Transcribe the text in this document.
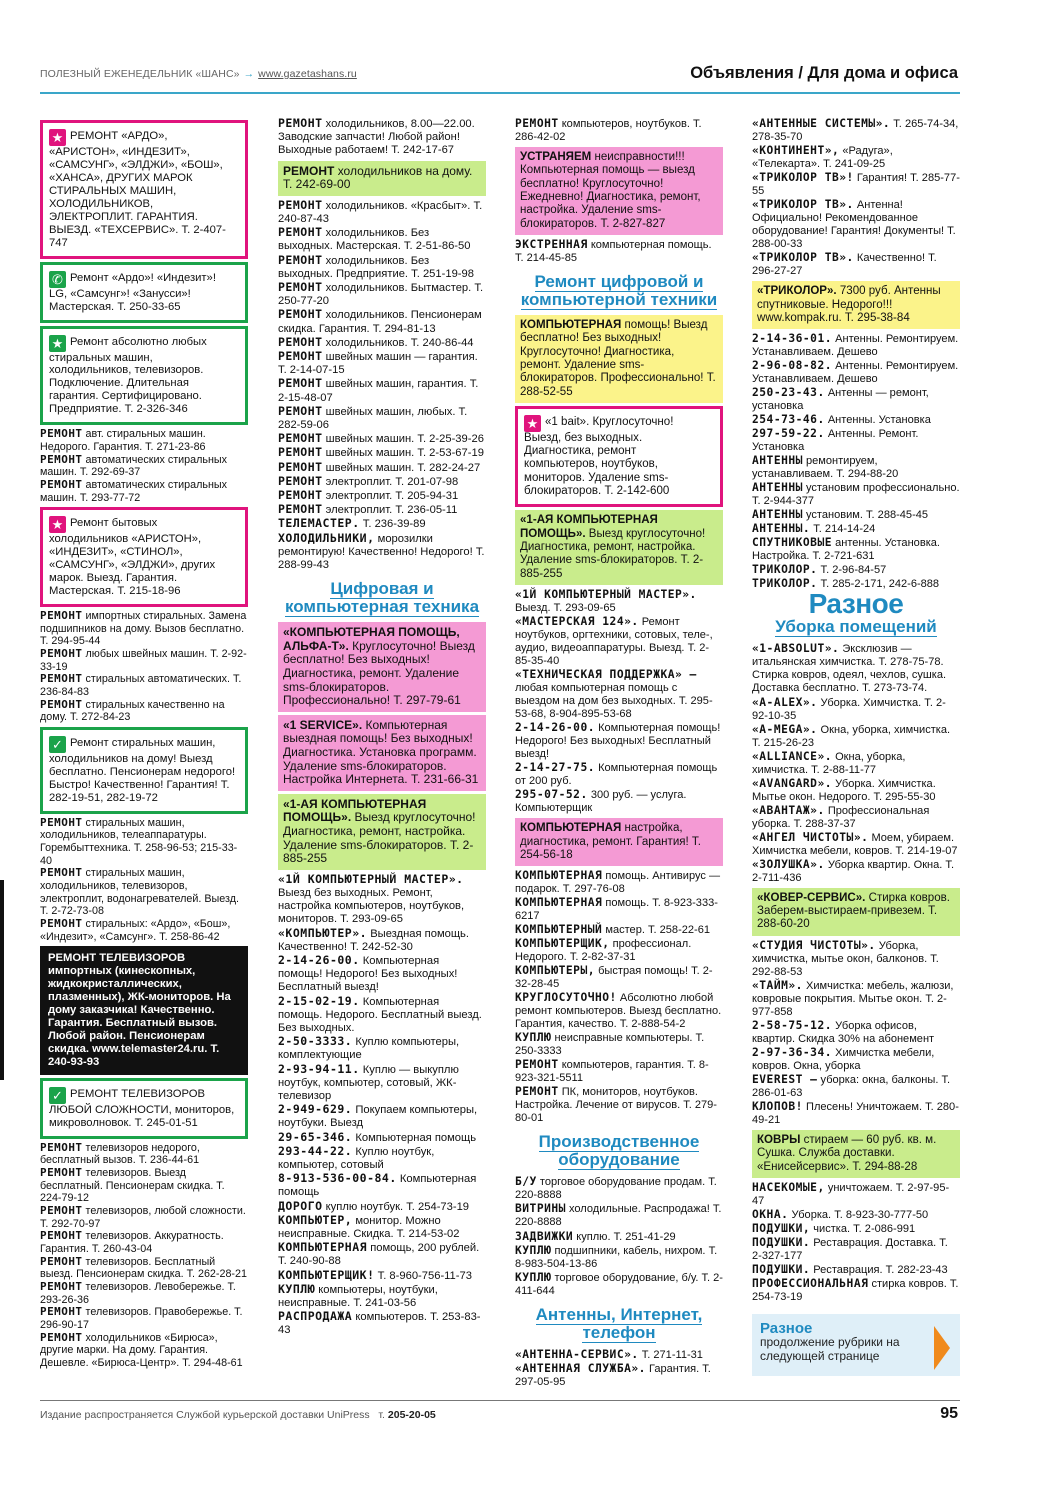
ПОЛЕЗНЫЙ ЕЖЕНЕДЕЛЬНИК «ШАНС» → www.gazetashans.ru	Объявления / Для дома и офиса
★ РЕМОНТ «АРДО», «АРИСТОН», «ИНДЕЗИТ», «САМСУНГ», «ЭЛДЖИ», «БОШ», «ХАНСА», ДРУГИХ МАРОК СТИРАЛЬНЫХ МАШИН, ХОЛОДИЛЬНИКОВ, ЭЛЕКТРОПЛИТ. ГАРАНТИЯ. ВЫЕЗД. «ТЕХСЕРВИС». Т. 2-407-747
✆ Ремонт «Ардо»! «Индезит»! LG, «Самсунг»! «Занусси»! Мастерская. Т. 250-33-65
★ Ремонт абсолютно любых стиральных машин, холодильников, телевизоров. Подключение. Длительная гарантия. Сертифицировано. Предприятие. Т. 2-326-346
РЕМОНТ авт. стиральных машин. Недорого. Гарантия. Т. 271-23-86
РЕМОНТ автоматических стиральных машин. Т. 292-69-37
РЕМОНТ автоматических стиральных машин. Т. 293-77-72
★ Ремонт бытовых холодильников «АРИСТОН», «ИНДЕЗИТ», «СТИНОЛ», «САМСУНГ», «ЭЛДЖИ», других марок. Выезд. Гарантия. Мастерская. Т. 215-18-96
РЕМОНТ импортных стиральных. Замена подшипников на дому. Вызов бесплатно. Т. 294-95-44
РЕМОНТ любых швейных машин. Т. 2-92-33-19
РЕМОНТ стиральных автоматических. Т. 236-84-83
РЕМОНТ стиральных качественно на дому. Т. 272-84-23
✓ Ремонт стиральных машин, холодильников на дому! Выезд бесплатно. Пенсионерам недорого! Быстро! Качественно! Гарантия! Т. 282-19-51, 282-19-72
РЕМОНТ стиральных машин, холодильников, телеаппаратуры. Горембыттехника. Т. 258-96-53; 215-33-40
РЕМОНТ стиральных машин, холодильников, телевизоров, электроплит, водонагревателей. Выезд. Т. 2-72-73-08
РЕМОНТ стиральных: «Ардо», «Бош», «Индезит», «Самсунг». Т. 258-86-42
РЕМОНТ ТЕЛЕВИЗОРОВ импортных (кинескопных, жидкокристаллических, плазменных), ЖК-мониторов. На дому заказчика! Качественно. Гарантия. Бесплатный вызов. Любой район. Пенсионерам скидка. www.telemaster24.ru. Т. 240-93-93
✓ РЕМОНТ ТЕЛЕВИЗОРОВ ЛЮБОЙ СЛОЖНОСТИ, мониторов, микроволновок. Т. 245-01-51
РЕМОНТ телевизоров недорого, бесплатный вызов. Т. 236-44-61
РЕМОНТ телевизоров. Выезд бесплатный. Пенсионерам скидка. Т. 224-79-12
РЕМОНТ телевизоров, любой сложности. Т. 292-70-97
РЕМОНТ телевизоров. Аккуратность. Гарантия. Т. 260-43-04
РЕМОНТ телевизоров. Бесплатный выезд. Пенсионерам скидка. Т. 262-28-21
РЕМОНТ телевизоров. Левобережье. Т. 293-26-36
РЕМОНТ телевизоров. Правобережье. Т. 296-90-17
РЕМОНТ холодильников «Бирюса», другие марки. На дому. Гарантия. Дешевле. «Бирюса-Центр». Т. 294-48-61
РЕМОНТ холодильников, 8.00—22.00. Заводские запчасти! Любой район! Выходные работаем! Т. 242-17-67
РЕМОНТ холодильников на дому. Т. 242-69-00
РЕМОНТ холодильников. «Красбыт». Т. 240-87-43
РЕМОНТ холодильников. Без выходных. Мастерская. Т. 2-51-86-50
РЕМОНТ холодильников. Без выходных. Предприятие. Т. 251-19-98
РЕМОНТ холодильников. Бытмастер. Т. 250-77-20
РЕМОНТ холодильников. Пенсионерам скидка. Гарантия. Т. 294-81-13
РЕМОНТ холодильников. Т. 240-86-44
РЕМОНТ швейных машин — гарантия. Т. 2-14-07-15
РЕМОНТ швейных машин, гарантия. Т. 2-15-48-07
РЕМОНТ швейных машин, любых. Т. 282-59-06
РЕМОНТ швейных машин. Т. 2-25-39-26
РЕМОНТ швейных машин. Т. 2-53-67-19
РЕМОНТ швейных машин. Т. 282-24-27
РЕМОНТ электроплит. Т. 201-07-98
РЕМОНТ электроплит. Т. 205-94-31
РЕМОНТ электроплит. Т. 236-05-11
ТЕЛЕМАСТЕР. Т. 236-39-89
ХОЛОДИЛЬНИКИ, морозилки ремонтирую! Качественно! Недорого! Т. 288-99-43
Цифровая и компьютерная техника
«КОМПЬЮТЕРНАЯ ПОМОЩЬ, АЛЬФА-Т». Круглосуточно! Выезд бесплатно! Без выходных! Диагностика, ремонт. Удаление sms-блокираторов. Профессионально! Т. 297-79-61
«1 SERVICE». Компьютерная выездная помощь! Без выходных! Диагностика. Установка программ. Удаление sms-блокираторов. Настройка Интернета. Т. 231-66-31
«1-АЯ КОМПЬЮТЕРНАЯ ПОМОЩЬ». Выезд круглосуточно! Диагностика, ремонт, настройка. Удаление sms-блокираторов. Т. 2-885-255
«1Й КОМПЬЮТЕРНЫЙ МАСТЕР». Выезд без выходных. Ремонт, настройка компьютеров, ноутбуков, мониторов. Т. 293-09-65
«КОМПЬЮТЕР». Выездная помощь. Качественно! Т. 242-52-30
2-14-26-00. Компьютерная помощь! Недорого! Без выходных! Бесплатный выезд!
2-15-02-19. Компьютерная помощь. Недорого. Бесплатный выезд. Без выходных.
2-50-3333. Куплю компьютеры, комплектующие
2-93-94-11. Куплю — выкуплю ноутбук, компьютер, сотовый, ЖК-телевизор
2-949-629. Покупаем компьютеры, ноутбуки. Выезд
29-65-346. Компьютерная помощь
293-44-22. Куплю ноутбук, компьютер, сотовый
8-913-536-00-84. Компьютерная помощь
ДОРОГО куплю ноутбук. Т. 254-73-19
КОМПЬЮТЕР, монитор. Можно неисправные. Скидка. Т. 214-53-02
КОМПЬЮТЕРНАЯ помощь, 200 рублей. Т. 240-90-88
КОМПЬЮТЕРЩИК! Т. 8-960-756-11-73
КУПЛЮ компьютеры, ноутбуки, неисправные. Т. 241-03-56
РАСПРОДАЖА компьютеров. Т. 253-83-43
РЕМОНТ компьютеров, ноутбуков. Т. 286-42-02
УСТРАНЯЕМ неисправности!!! Компьютерная помощь — выезд бесплатно! Круглосуточно! Ежедневно! Диагностика, ремонт, настройка. Удаление sms-блокираторов. Т. 2-827-827
ЭКСТРЕННАЯ компьютерная помощь. Т. 214-45-85
Ремонт цифровой и компьютерной техники
КОМПЬЮТЕРНАЯ помощь! Выезд бесплатно! Без выходных! Круглосуточно! Диагностика, ремонт. Удаление sms-блокираторов. Профессионально! Т. 288-52-55
★ «1 bait». Круглосуточно! Выезд, без выходных. Диагностика, ремонт компьютеров, ноутбуков, мониторов. Удаление sms-блокираторов. Т. 2-142-600
«1-АЯ КОМПЬЮТЕРНАЯ ПОМОЩЬ». Выезд круглосуточно! Диагностика, ремонт, настройка. Удаление sms-блокираторов. Т. 2-885-255
«1Й КОМПЬЮТЕРНЫЙ МАСТЕР». Выезд. Т. 293-09-65
«МАСТЕРСКАЯ 124». Ремонт ноутбуков, оргтехники, сотовых, теле-, аудио, видеоаппаратуры. Выезд. Т. 2-85-35-40
«ТЕХНИЧЕСКАЯ ПОДДЕРЖКА» — любая компьютерная помощь с выездом на дом без выходных. Т. 295-53-68, 8-904-895-53-68
2-14-26-00. Компьютерная помощь! Недорого! Без выходных! Бесплатный выезд!
2-14-27-75. Компьютерная помощь от 200 руб.
295-07-52. 300 руб. — услуга. Компьютерщик
КОМПЬЮТЕРНАЯ настройка, диагностика, ремонт. Гарантия! Т. 254-56-18
КОМПЬЮТЕРНАЯ помощь. Антивирус — подарок. Т. 297-76-08
КОМПЬЮТЕРНАЯ помощь. Т. 8-923-333-6217
КОМПЬЮТЕРНЫЙ мастер. Т. 258-22-61
КОМПЬЮТЕРЩИК, профессионал. Недорого. Т. 2-82-37-31
КОМПЬЮТЕРЫ, быстрая помощь! Т. 2-32-28-45
КРУГЛОСУТОЧНО! Абсолютно любой ремонт компьютеров. Выезд бесплатно. Гарантия, качество. Т. 2-888-54-2
КУПЛЮ неисправные компьютеры. Т. 250-3333
РЕМОНТ компьютеров, гарантия. Т. 8-923-321-5511
РЕМОНТ ПК, мониторов, ноутбуков. Настройка. Лечение от вирусов. Т. 279-80-01
Производственное оборудование
Б/У торговое оборудование продам. Т. 220-8888
ВИТРИНЫ холодильные. Распродажа! Т. 220-8888
ЗАДВИЖКИ куплю. Т. 251-41-29
КУПЛЮ подшипники, кабель, нихром. Т. 8-983-504-13-86
КУПЛЮ торговое оборудование, б/у. Т. 2-411-644
Антенны, Интернет, телефон
«АНТЕННА-СЕРВИС». Т. 271-11-31
«АНТЕННАЯ СЛУЖБА». Гарантия. Т. 297-05-95
«АНТЕННЫЕ СИСТЕМЫ». Т. 265-74-34, 278-35-70
«КОНТИНЕНТ», «Радуга», «Телекарта». Т. 241-09-25
«ТРИКОЛОР ТВ»! Гарантия! Т. 285-77-55
«ТРИКОЛОР ТВ». Антенна! Официально! Рекомендованное оборудование! Гарантия! Документы! Т. 288-00-33
«ТРИКОЛОР ТВ». Качественно! Т. 296-27-27
«ТРИКОЛОР». 7300 руб. Антенны спутниковые. Недорого!!! www.kompak.ru. Т. 295-38-84
2-14-36-01. Антенны. Ремонтируем. Устанавливаем. Дешево
2-96-08-82. Антенны. Ремонтируем. Устанавливаем. Дешево
250-23-43. Антенны — ремонт, установка
254-73-46. Антенны. Установка
297-59-22. Антенны. Ремонт. Установка
АНТЕННЫ ремонтируем, устанавливаем. Т. 294-88-20
АНТЕННЫ установим профессионально. Т. 2-944-377
АНТЕННЫ установим. Т. 288-45-45
АНТЕННЫ. Т. 214-14-24
СПУТНИКОВЫЕ антенны. Установка. Настройка. Т. 2-721-631
ТРИКОЛОР. Т. 2-96-84-57
ТРИКОЛОР. Т. 285-2-171, 242-6-888
Разное
Уборка помещений
«1-ABSOLUT». Эксклюзив — итальянская химчистка. Т. 278-75-78. Стирка ковров, одеял, чехлов, сушка. Доставка бесплатно. Т. 273-73-74.
«A-ALEX». Уборка. Химчистка. Т. 2-92-10-35
«A-MEGA». Окна, уборка, химчистка. Т. 215-26-23
«ALLIANCE». Окна, уборка, химчистка. Т. 2-88-11-77
«AVANGARD». Уборка. Химчистка. Мытье окон. Недорого. Т. 295-55-30
«АВАНТАЖ». Профессиональная уборка. Т. 288-37-37
«АНГЕЛ ЧИСТОТЫ». Моем, убираем. Химчистка мебели, ковров. Т. 214-19-07
«ЗОЛУШКА». Уборка квартир. Окна. Т. 2-711-436
«КОВЕР-СЕРВИС». Стирка ковров. Заберем-выстираем-привезем. Т. 288-60-20
«СТУДИЯ ЧИСТОТЫ». Уборка, химчистка, мытье окон, балконов. Т. 292-88-53
«ТАЙМ». Химчистка: мебель, жалюзи, ковровые покрытия. Мытье окон. Т. 2-977-858
2-58-75-12. Уборка офисов, квартир. Скидка 30% на абонемент
2-97-36-34. Химчистка мебели, ковров. Окна, уборка
EVEREST — уборка: окна, балконы. Т. 286-01-63
КЛОПОВ! Плесень! Уничтожаем. Т. 280-49-21
КОВРЫ стираем — 60 руб. кв. м. Сушка. Служба доставки. «Енисейсервис». Т. 294-88-28
НАСЕКОМЫЕ, уничтожаем. Т. 2-97-95-47
ОКНА. Уборка. Т. 8-923-30-777-50
ПОДУШКИ, чистка. Т. 2-086-991
ПОДУШКИ. Реставрация. Доставка. Т. 2-327-177
ПОДУШКИ. Реставрация. Т. 282-23-43
ПРОФЕССИОНАЛЬНАЯ стирка ковров. Т. 254-73-19
Разное
продолжение рубрики на следующей странице
Издание распространяется Службой курьерской доставки UniPress т. 205-20-05	95
